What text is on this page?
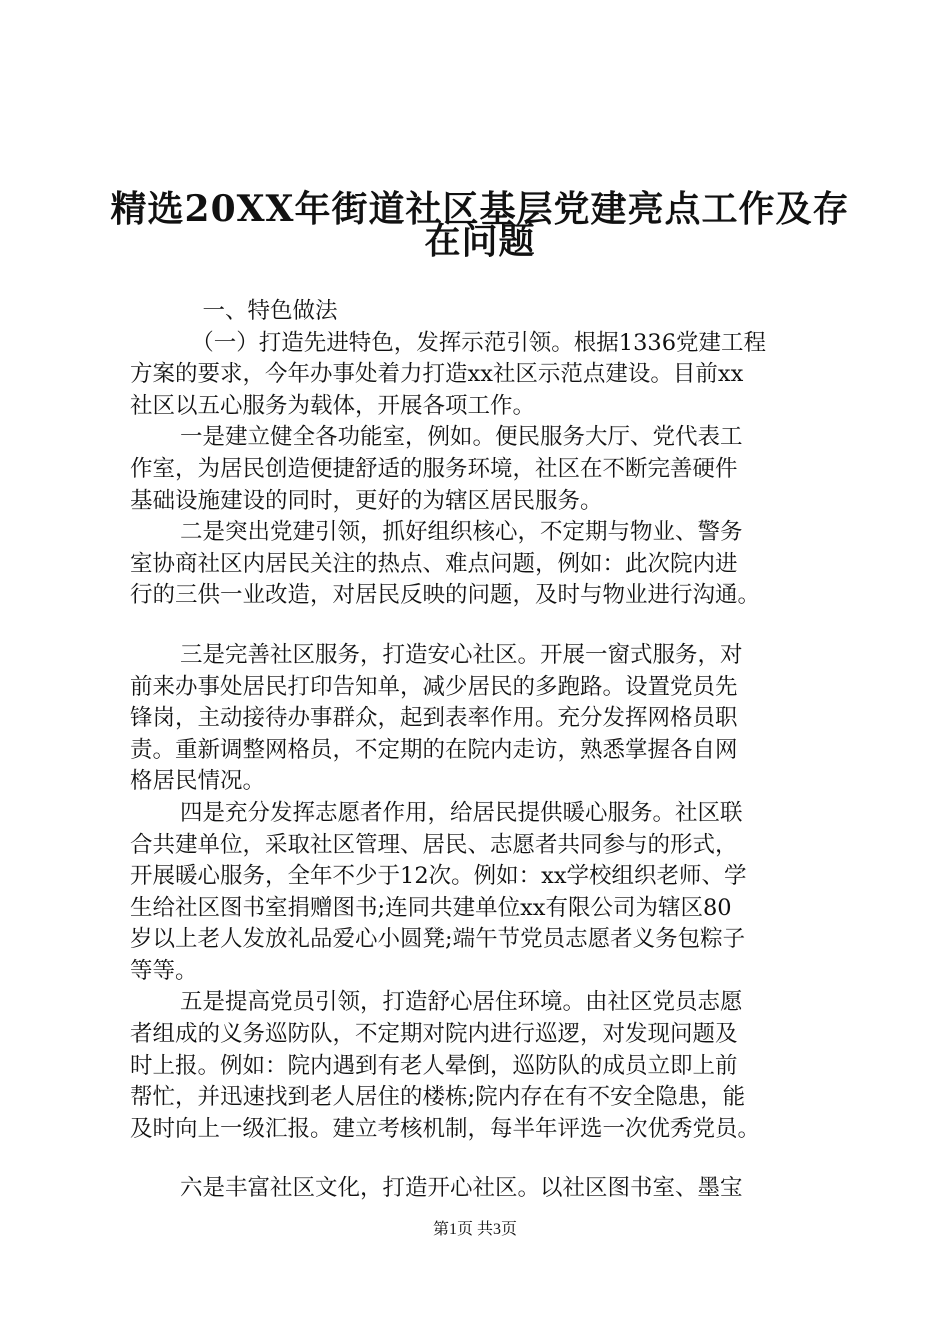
精选20XX年街道社区基层党建亮点工作及存
在问题
　一、特色做法
　（一）打造先进特色，发挥示范引领。根据1336党建工程
方案的要求，今年办事处着力打造xx社区示范点建设。目前xx
社区以五心服务为载体，开展各项工作。
一是建立健全各功能室，例如。便民服务大厅、党代表工
作室，为居民创造便捷舒适的服务环境，社区在不断完善硬件
基础设施建设的同时，更好的为辖区居民服务。
二是突出党建引领，抓好组织核心，不定期与物业、警务
室协商社区内居民关注的热点、难点问题，例如：此次院内进
行的三供一业改造，对居民反映的问题，及时与物业进行沟通。
三是完善社区服务，打造安心社区。开展一窗式服务，对
前来办事处居民打印告知单，减少居民的多跑路。设置党员先
锋岗，主动接待办事群众，起到表率作用。充分发挥网格员职
责。重新调整网格员，不定期的在院内走访，熟悉掌握各自网
格居民情况。
四是充分发挥志愿者作用，给居民提供暖心服务。社区联
合共建单位，采取社区管理、居民、志愿者共同参与的形式，
开展暖心服务，全年不少于12次。例如：xx学校组织老师、学
生给社区图书室捐赠图书;连同共建单位xx有限公司为辖区80
岁以上老人发放礼品爱心小圆凳;端午节党员志愿者义务包粽子
等等。
五是提高党员引领，打造舒心居住环境。由社区党员志愿
者组成的义务巡防队，不定期对院内进行巡逻，对发现问题及
时上报。例如：院内遇到有老人晕倒，巡防队的成员立即上前
帮忙，并迅速找到老人居住的楼栋;院内存在有不安全隐患，能
及时向上一级汇报。建立考核机制，每半年评选一次优秀党员。
六是丰富社区文化，打造开心社区。以社区图书室、墨宝
第1页 共3页
